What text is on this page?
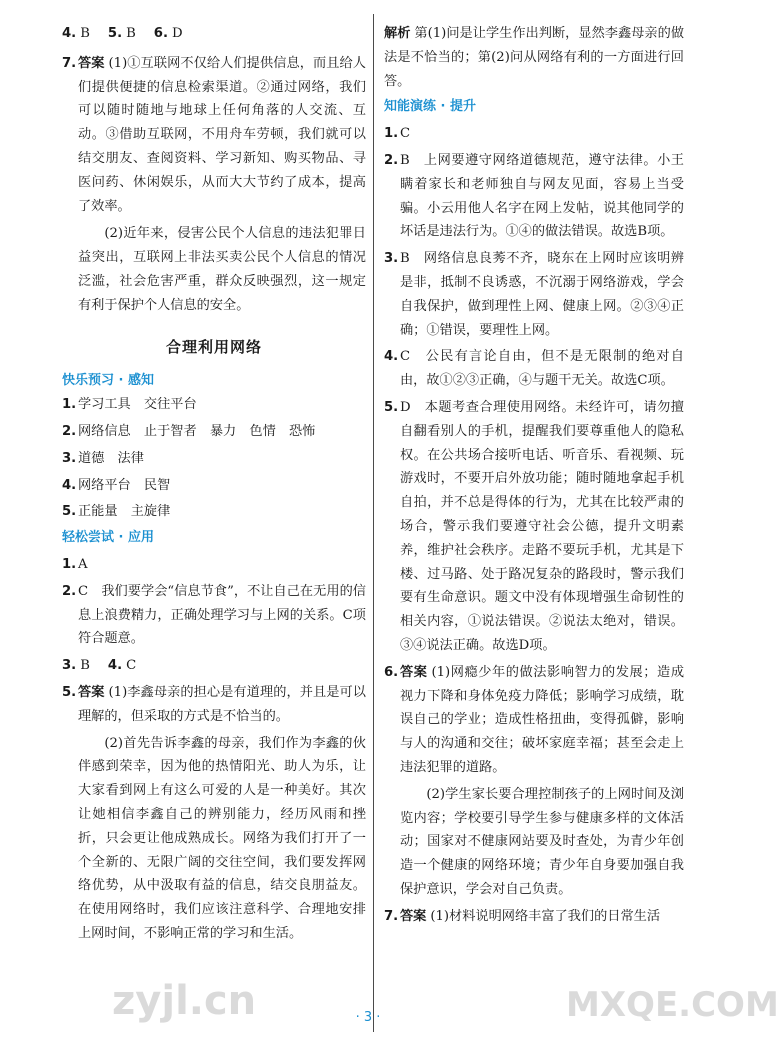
4. B 5. B 6. D
7. 答案 (1)①互联网不仅给人们提供信息，而且给人们提供便捷的信息检索渠道。②通过网络，我们可以随时随地与地球上任何角落的人交流、互动。③借助互联网，不用舟车劳顿，我们就可以结交朋友、查阅资料、学习新知、购买物品、寻医问药、休闲娱乐，从而大大节约了成本，提高了效率。
(2)近年来，侵害公民个人信息的违法犯罪日益突出，互联网上非法买卖公民个人信息的情况泛滥，社会危害严重，群众反映强烈，这一规定有利于保护个人信息的安全。
合理利用网络
快乐预习 · 感知
1. 学习工具　交往平台
2. 网络信息　止于智者　暴力　色情　恐怖
3. 道德　法律
4. 网络平台　民智
5. 正能量　主旋律
轻松尝试 · 应用
1. A
2. C　我们要学会“信息节食”，不让自己在无用的信息上浪费精力，正确处理学习与上网的关系。C项符合题意。
3. B 4. C
5. 答案 (1)李鑫母亲的担心是有道理的，并且是可以理解的，但采取的方式是不恰当的。
(2)首先告诉李鑫的母亲，我们作为李鑫的伙伴感到荣幸，因为他的热情阳光、助人为乐，让大家看到网上有这么可爱的人是一种美好。其次让她相信李鑫自己的辨别能力，经历风雨和挫折，只会更让他成熟成长。网络为我们打开了一个全新的、无限广阔的交往空间，我们要发挥网络优势，从中汲取有益的信息，结交良朋益友。在使用网络时，我们应该注意科学、合理地安排上网时间，不影响正常的学习和生活。
解析 第(1)问是让学生作出判断，显然李鑫母亲的做法是不恰当的；第(2)问从网络有利的一方面进行回答。
知能演练 · 提升
1. C
2. B　上网要遵守网络道德规范，遵守法律。小王瞒着家长和老师独自与网友见面，容易上当受骗。小云用他人名字在网上发帖，说其他同学的坏话是违法行为。①④的做法错误。故选B项。
3. B　网络信息良莠不齐，晓东在上网时应该明辨是非，抵制不良诱惑，不沉溺于网络游戏，学会自我保护，做到理性上网、健康上网。②③④正确；①错误，要理性上网。
4. C　公民有言论自由，但不是无限制的绝对自由，故①②③正确，④与题干无关。故选C项。
5. D　本题考查合理使用网络。未经许可，请勿擅自翻看别人的手机，提醒我们要尊重他人的隐私权。在公共场合接听电话、听音乐、看视频、玩游戏时，不要开启外放功能；随时随地拿起手机自拍，并不总是得体的行为，尤其在比较严肃的场合，警示我们要遵守社会公德，提升文明素养，维护社会秩序。走路不要玩手机，尤其是下楼、过马路、处于路况复杂的路段时，警示我们要有生命意识。题文中没有体现增强生命韧性的相关内容，①说法错误。②说法太绝对，错误。③④说法正确。故选D项。
6. 答案 (1)网瘾少年的做法影响智力的发展；造成视力下降和身体免疫力降低；影响学习成绩，耽误自己的学业；造成性格扭曲，变得孤僻，影响与人的沟通和交往；破坏家庭幸福；甚至会走上违法犯罪的道路。
(2)学生家长要合理控制孩子的上网时间及浏览内容；学校要引导学生参与健康多样的文体活动；国家对不健康网站要及时查处，为青少年创造一个健康的网络环境；青少年自身要加强自我保护意识，学会对自己负责。
7. 答案 (1)材料说明网络丰富了我们的日常生活
· 3 ·
zyjl.cn	MXQE.COM
